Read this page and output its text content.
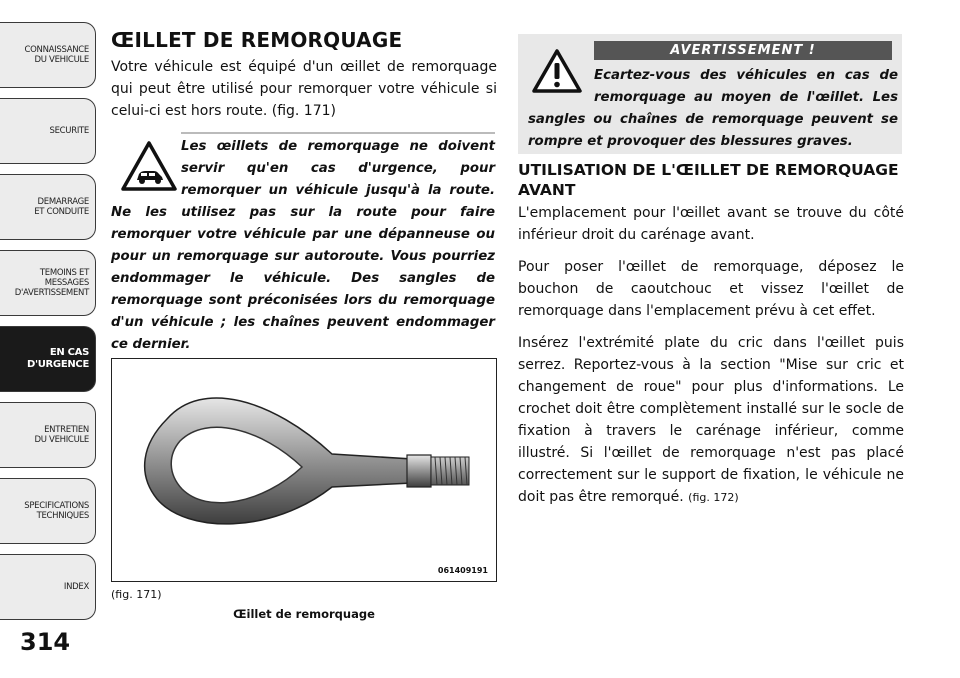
CONNAISSANCE
DU VEHICULE
SECURITE
DEMARRAGE
ET CONDUITE
TEMOINS ET
MESSAGES
D'AVERTISSEMENT
EN CAS
D'URGENCE
ENTRETIEN
DU VEHICULE
SPECIFICATIONS
TECHNIQUES
INDEX
314
ŒILLET DE REMORQUAGE

Votre véhicule est équipé d'un œillet de remorquage qui peut être utilisé pour remorquer votre véhicule si celui-ci est hors route. (fig. 171)

Les œillets de remorquage ne doivent servir qu'en cas d'urgence, pour remorquer un véhicule jusqu'à la route. Ne les utilisez pas sur la route pour faire remorquer votre véhicule par une dépanneuse ou pour un remorquage sur autoroute. Vous pourriez endommager le véhicule. Des sangles de remorquage sont préconisées lors du remorquage d'un véhicule ; les chaînes peuvent endommager ce dernier.

061409191
(fig. 171)
Œillet de remorquage
AVERTISSEMENT !

Ecartez-vous des véhicules en cas de remorquage au moyen de l'œillet. Les sangles ou chaînes de remorquage peuvent se rompre et provoquer des blessures graves.

UTILISATION DE L'ŒILLET DE REMORQUAGE AVANT

L'emplacement pour l'œillet avant se trouve du côté inférieur droit du carénage avant.

Pour poser l'œillet de remorquage, déposez le bouchon de caoutchouc et vissez l'œillet de remorquage dans l'emplacement prévu à cet effet.

Insérez l'extrémité plate du cric dans l'œillet puis serrez. Reportez-vous à la section "Mise sur cric et changement de roue" pour plus d'informations. Le crochet doit être complètement installé sur le socle de fixation à travers le carénage inférieur, comme illustré. Si l'œillet de remorquage n'est pas placé correctement sur le support de fixation, le véhicule ne doit pas être remorqué. (fig. 172)
